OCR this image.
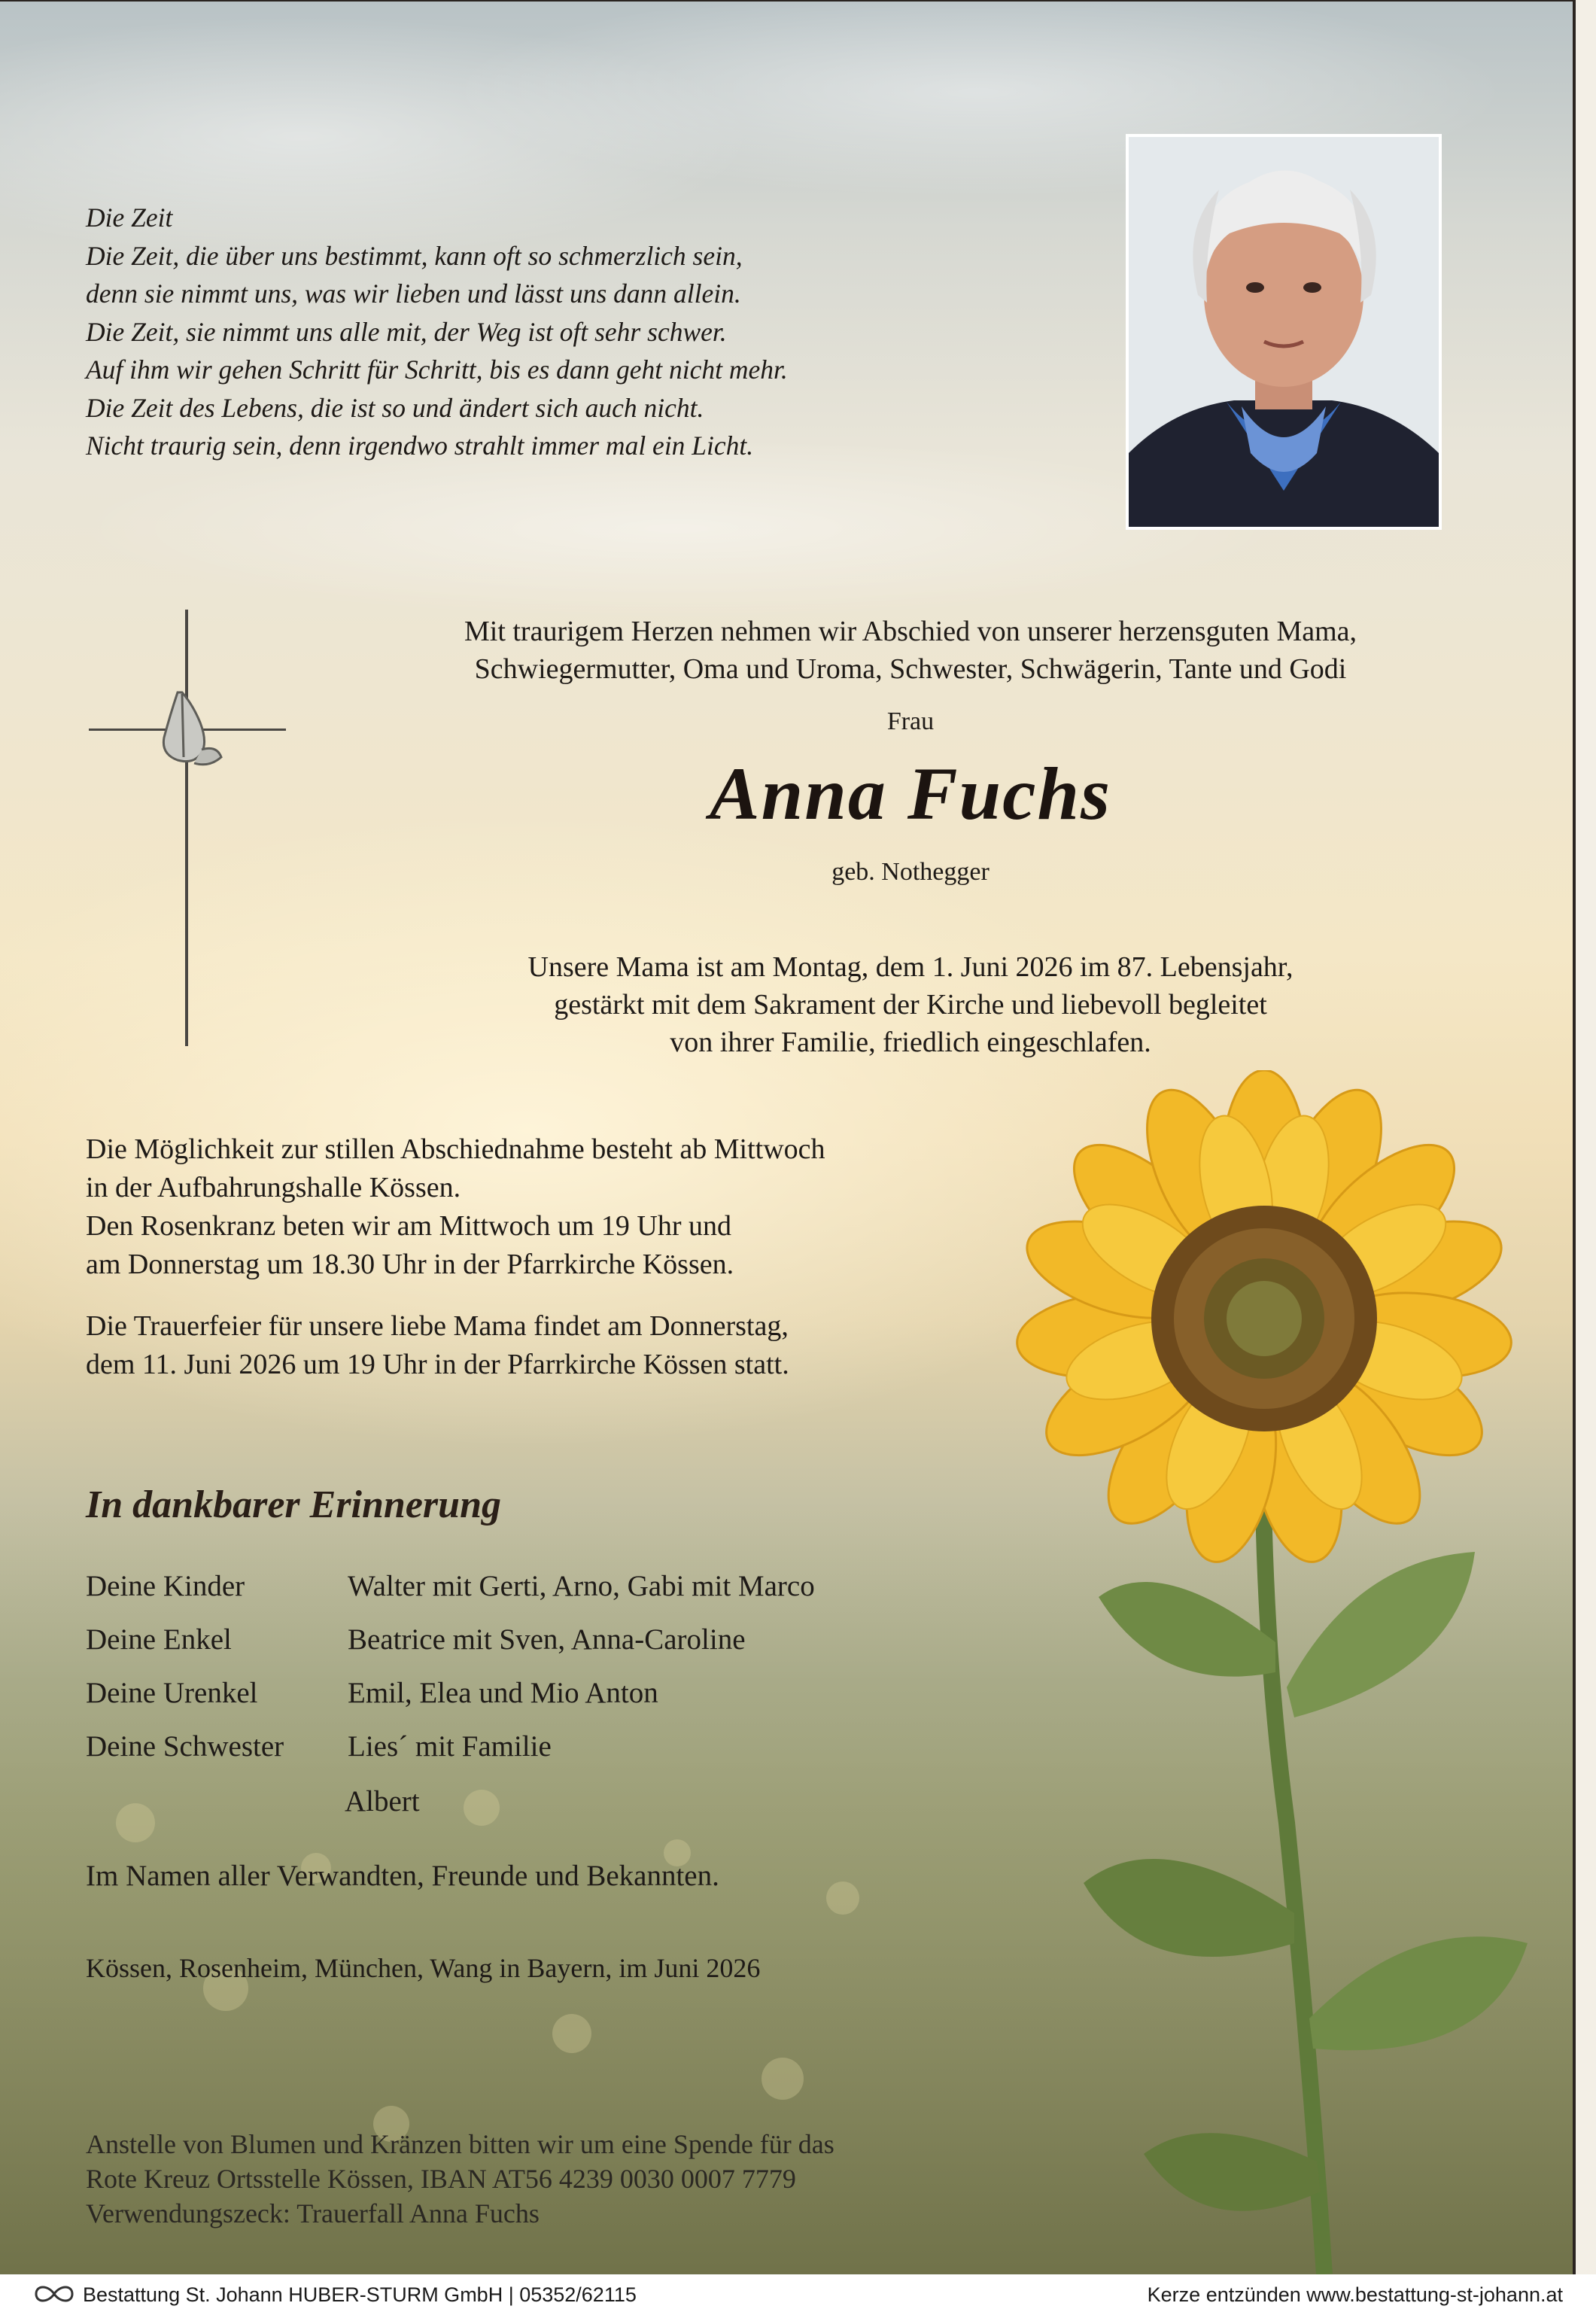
Die Zeit
Die Zeit, die über uns bestimmt, kann oft so schmerzlich sein,
denn sie nimmt uns, was wir lieben und lässt uns dann allein.
Die Zeit, sie nimmt uns alle mit, der Weg ist oft sehr schwer.
Auf ihm wir gehen Schritt für Schritt, bis es dann geht nicht mehr.
Die Zeit des Lebens, die ist so und ändert sich auch nicht.
Nicht traurig sein, denn irgendwo strahlt immer mal ein Licht.
Mit traurigem Herzen nehmen wir Abschied von unserer herzensguten Mama,
Schwiegermutter, Oma und Uroma, Schwester, Schwägerin, Tante und Godi
Frau
Anna Fuchs
geb. Nothegger
Unsere Mama ist am Montag, dem 1. Juni 2026 im 87. Lebensjahr,
gestärkt mit dem Sakrament der Kirche und liebevoll begleitet
von ihrer Familie, friedlich eingeschlafen.
Die Möglichkeit zur stillen Abschiednahme besteht ab Mittwoch
in der Aufbahrungshalle Kössen.
Den Rosenkranz beten wir am Mittwoch um 19 Uhr und
am Donnerstag um 18.30 Uhr in der Pfarrkirche Kössen.
Die Trauerfeier für unsere liebe Mama findet am Donnerstag,
dem 11. Juni 2026 um 19 Uhr in der Pfarrkirche Kössen statt.
In dankbarer Erinnerung
Deine Kinder	Walter mit Gerti, Arno, Gabi mit Marco
Deine Enkel	Beatrice mit Sven, Anna-Caroline
Deine Urenkel	Emil, Elea und Mio Anton
Deine Schwester Lies´ mit Familie
Albert
Im Namen aller Verwandten, Freunde und Bekannten.
Kössen, Rosenheim, München, Wang in Bayern, im Juni 2026
Anstelle von Blumen und Kränzen bitten wir um eine Spende für das
Rote Kreuz Ortsstelle Kössen, IBAN AT56 4239 0030 0007 7779
Verwendungszeck: Trauerfall Anna Fuchs
Bestattung St. Johann HUBER-STURM GmbH | 05352/62115	Kerze entzünden www.bestattung-st-johann.at
